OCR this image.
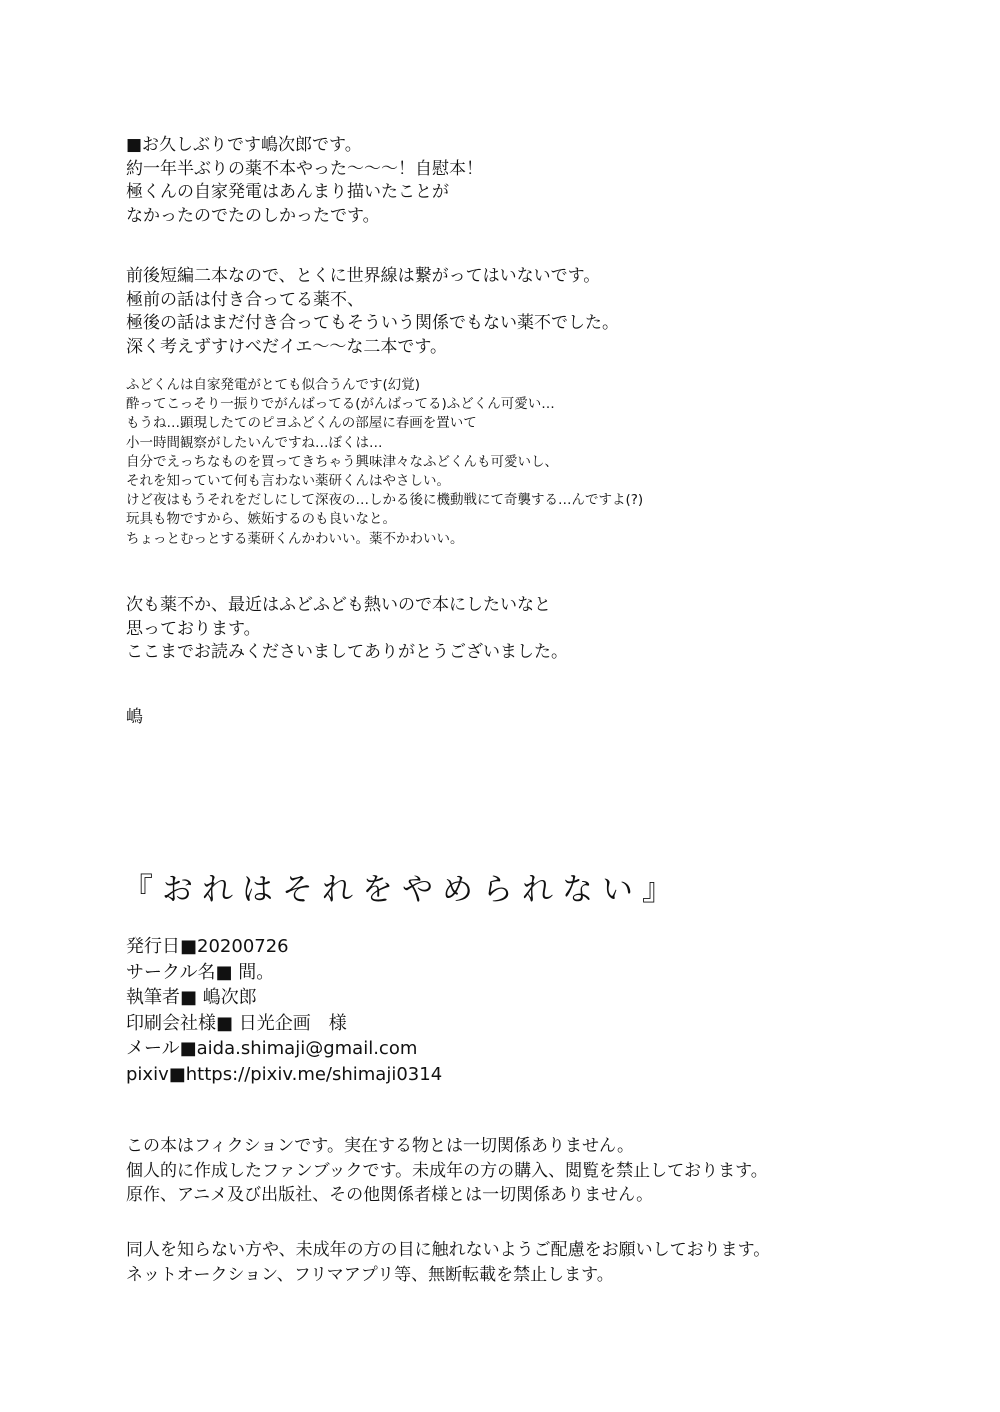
■お久しぶりです嶋次郎です。
約一年半ぶりの薬不本やった〜〜〜！自慰本！
極くんの自家発電はあんまり描いたことが
なかったのでたのしかったです。
前後短編二本なので、とくに世界線は繋がってはいないです。
極前の話は付き合ってる薬不、
極後の話はまだ付き合ってもそういう関係でもない薬不でした。
深く考えずすけべだイエ〜〜な二本です。
ふどくんは自家発電がとても似合うんです(幻覚)
酔ってこっそり一振りでがんばってる(がんばってる)ふどくん可愛い…
もうね…顕現したてのピヨふどくんの部屋に春画を置いて
小一時間観察がしたいんですね…ぼくは…
自分でえっちなものを買ってきちゃう興味津々なふどくんも可愛いし、
それを知っていて何も言わない薬研くんはやさしい。
けど夜はもうそれをだしにして深夜の…しかる後に機動戦にて奇襲する…んですよ(?)
玩具も物ですから、嫉妬するのも良いなと。
ちょっとむっとする薬研くんかわいい。薬不かわいい。
次も薬不か、最近はふどふども熱いので本にしたいなと
思っております。
ここまでお読みくださいましてありがとうございました。
嶋
『おれはそれをやめられない』
発行日■20200726
サークル名■ 間。
執筆者■ 嶋次郎
印刷会社様■ 日光企画　様
メール■aida.shimaji@gmail.com
pixiv■https://pixiv.me/shimaji0314
この本はフィクションです。実在する物とは一切関係ありません。
個人的に作成したファンブックです。未成年の方の購入、閲覧を禁止しております。
原作、アニメ及び出版社、その他関係者様とは一切関係ありません。
同人を知らない方や、未成年の方の目に触れないようご配慮をお願いしております。
ネットオークション、フリマアプリ等、無断転載を禁止します。
